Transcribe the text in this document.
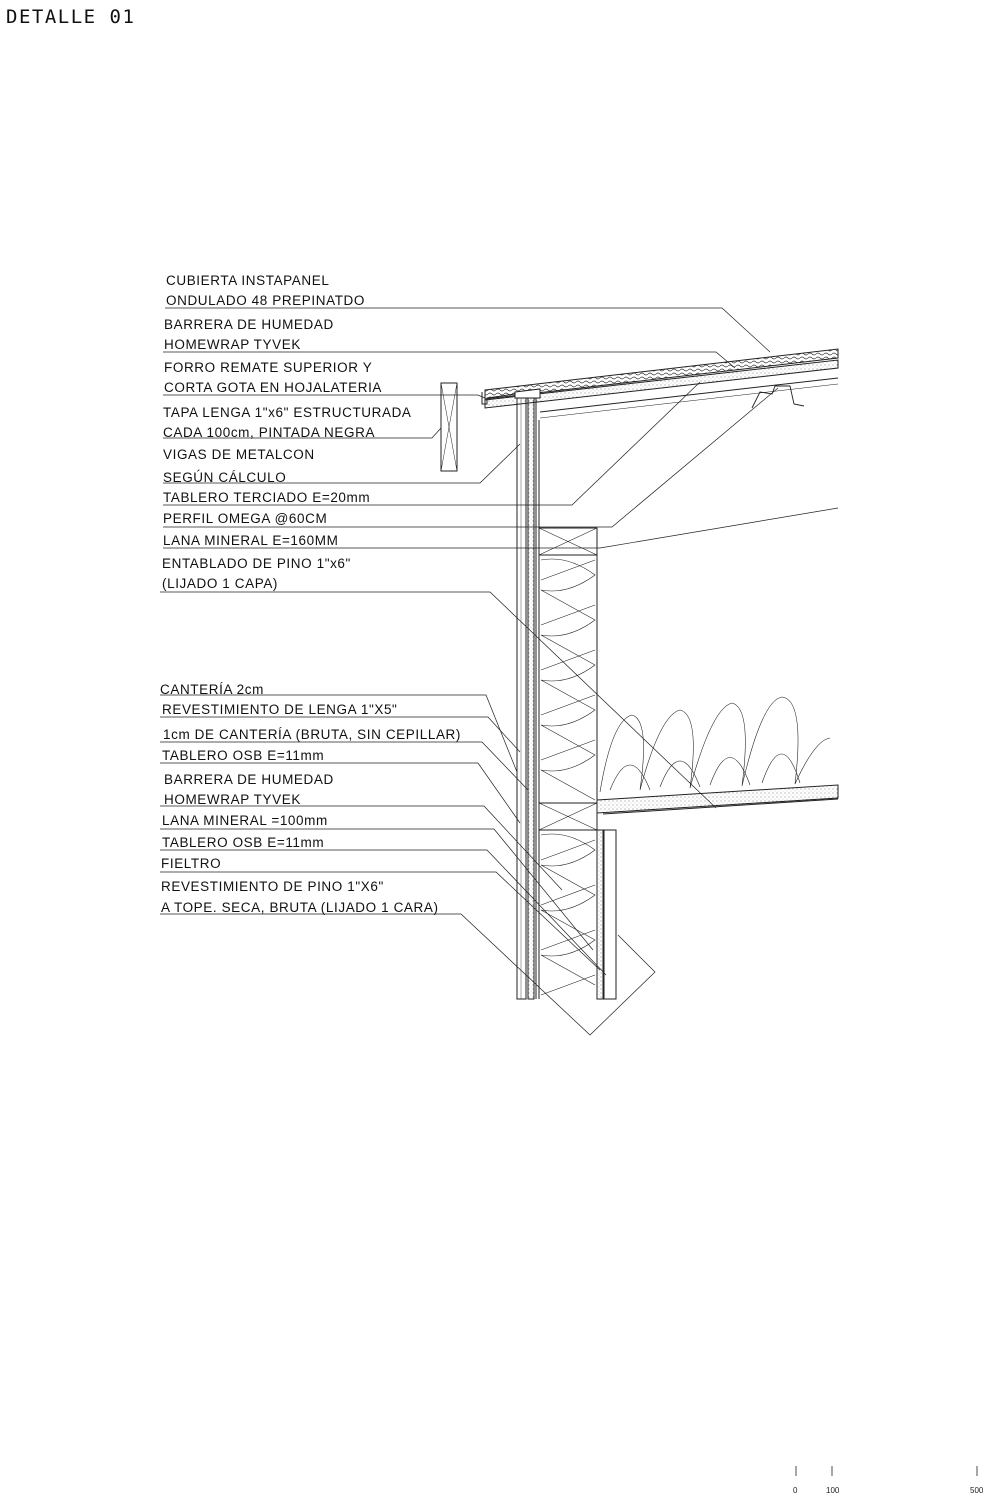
DETALLE 01
CUBIERTA INSTAPANEL
ONDULADO 48 PREPINATDO
BARRERA DE HUMEDAD
HOMEWRAP TYVEK
FORRO REMATE SUPERIOR Y
CORTA GOTA EN HOJALATERIA
TAPA LENGA 1"x6" ESTRUCTURADA
CADA 100cm, PINTADA NEGRA
VIGAS DE METALCON
SEGÚN CÁLCULO
TABLERO TERCIADO E=20mm
PERFIL OMEGA @60CM
LANA MINERAL E=160MM
ENTABLADO DE PINO 1"x6"
(LIJADO 1 CAPA)
CANTERÍA 2cm
REVESTIMIENTO DE LENGA 1"X5"
1cm DE CANTERÍA (BRUTA, SIN CEPILLAR)
TABLERO OSB E=11mm
BARRERA DE HUMEDAD
HOMEWRAP TYVEK
LANA MINERAL =100mm
TABLERO OSB E=11mm
FIELTRO
REVESTIMIENTO DE PINO 1"X6"
A TOPE. SECA, BRUTA (LIJADO 1 CARA)
0	100	500
